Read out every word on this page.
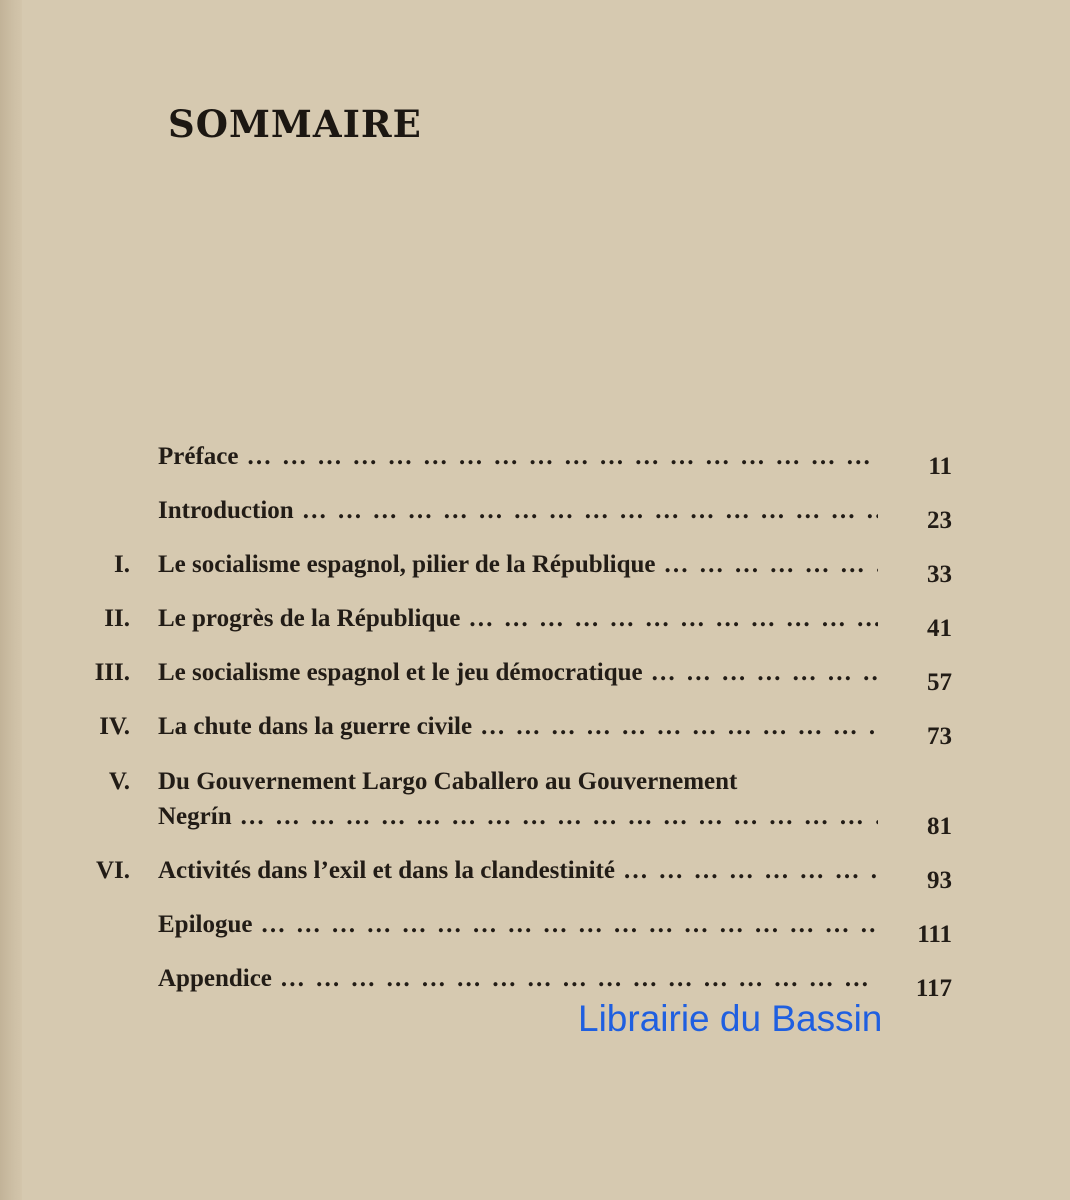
SOMMAIRE
Préface … … … … … … … … … … … … … … … … … … … … … … … … … … … … … … … …	11
Introduction … … … … … … … … … … … … … … … … … … … … … … … … … … … … … … … …	23
I. Le socialisme espagnol, pilier de la République … … … … … … … … … … … … … … … … … … … … … … … … … … … … … … … …	33
II. Le progrès de la République … … … … … … … … … … … … … … … … … … … … … … … … … … … … … … … …	41
III. Le socialisme espagnol et le jeu démocratique … … … … … … … … … … … … … … … … … … … … … … … … … … … … … … … …	57
IV. La chute dans la guerre civile … … … … … … … … … … … … … … … … … … … … … … … … … … … … … … … …	73
V. Du Gouvernement Largo Caballero au Gouvernement
Negrín … … … … … … … … … … … … … … … … … … … … … … … … … … … … … … … …	81
VI. Activités dans l’exil et dans la clandestinité … … … … … … … … … … … … … … … … … … … … … … … … … … … … … … … …	93
Epilogue … … … … … … … … … … … … … … … … … … … … … … … … … … … … … … … …	111
Appendice … … … … … … … … … … … … … … … … … … … … … … … … … … … … … … … …	117
Librairie du Bassin
